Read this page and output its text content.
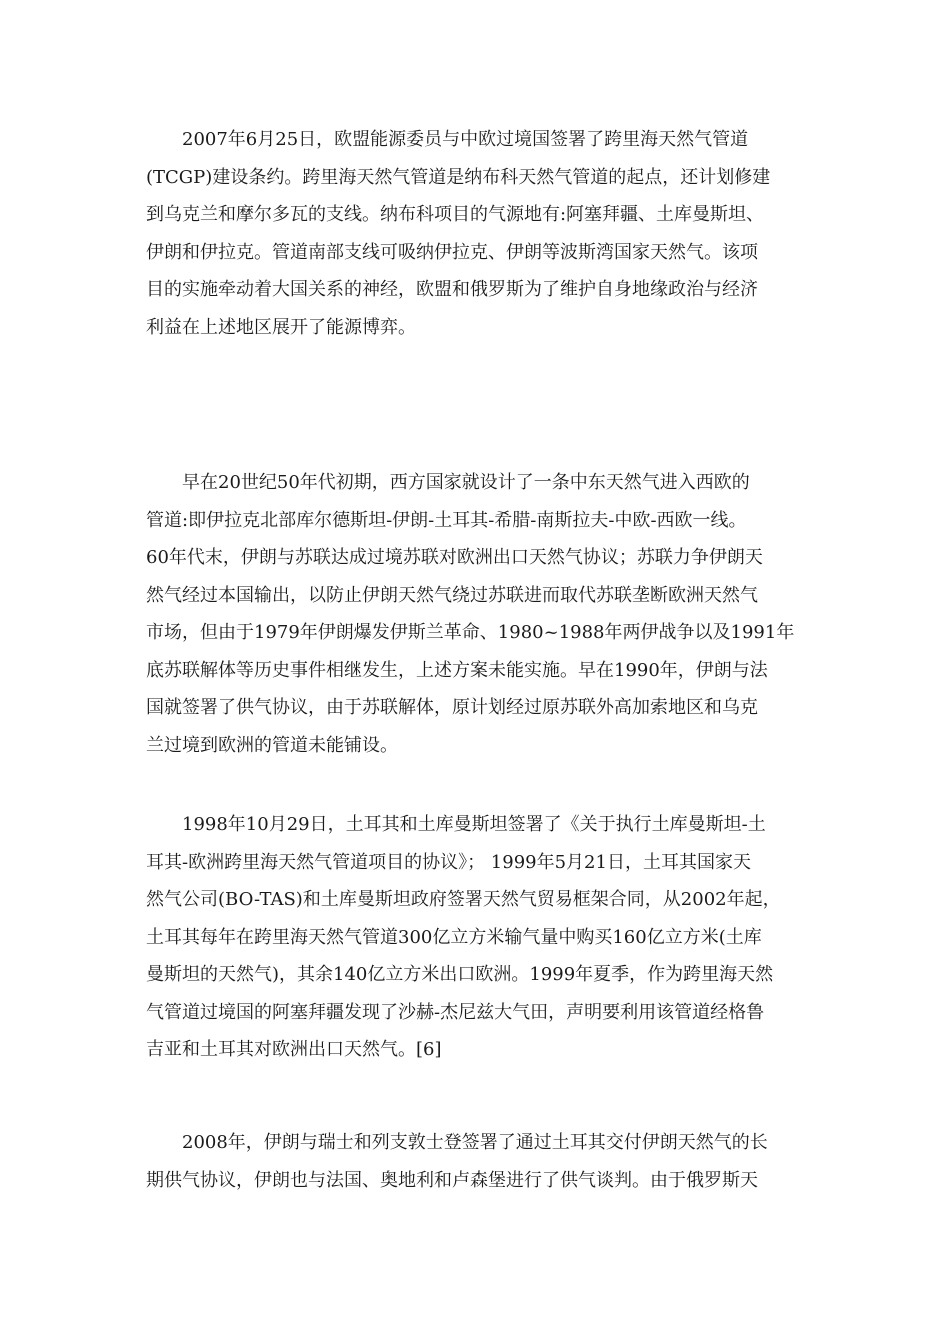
　　2007年6月25日，欧盟能源委员与中欧过境国签署了跨里海天然气管道
(TCGP)建设条约。跨里海天然气管道是纳布科天然气管道的起点，还计划修建
到乌克兰和摩尔多瓦的支线。纳布科项目的气源地有:阿塞拜疆、土库曼斯坦、
伊朗和伊拉克。管道南部支线可吸纳伊拉克、伊朗等波斯湾国家天然气。该项
目的实施牵动着大国关系的神经，欧盟和俄罗斯为了维护自身地缘政治与经济
利益在上述地区展开了能源博弈。

　　早在20世纪50年代初期，西方国家就设计了一条中东天然气进入西欧的
管道:即伊拉克北部库尔德斯坦-伊朗-土耳其-希腊-南斯拉夫-中欧-西欧一线。
60年代末，伊朗与苏联达成过境苏联对欧洲出口天然气协议；苏联力争伊朗天
然气经过本国输出，以防止伊朗天然气绕过苏联进而取代苏联垄断欧洲天然气
市场，但由于1979年伊朗爆发伊斯兰革命、1980~1988年两伊战争以及1991年
底苏联解体等历史事件相继发生，上述方案未能实施。早在1990年，伊朗与法
国就签署了供气协议，由于苏联解体，原计划经过原苏联外高加索地区和乌克
兰过境到欧洲的管道未能铺设。

　　1998年10月29日，土耳其和土库曼斯坦签署了《关于执行土库曼斯坦-土
耳其-欧洲跨里海天然气管道项目的协议》； 1999年5月21日，土耳其国家天
然气公司(BO-TAS)和土库曼斯坦政府签署天然气贸易框架合同，从2002年起，
土耳其每年在跨里海天然气管道300亿立方米输气量中购买160亿立方米(土库
曼斯坦的天然气)，其余140亿立方米出口欧洲。1999年夏季，作为跨里海天然
气管道过境国的阿塞拜疆发现了沙赫-杰尼兹大气田，声明要利用该管道经格鲁
吉亚和土耳其对欧洲出口天然气。[6]

　　2008年，伊朗与瑞士和列支敦士登签署了通过土耳其交付伊朗天然气的长
期供气协议，伊朗也与法国、奥地利和卢森堡进行了供气谈判。由于俄罗斯天
